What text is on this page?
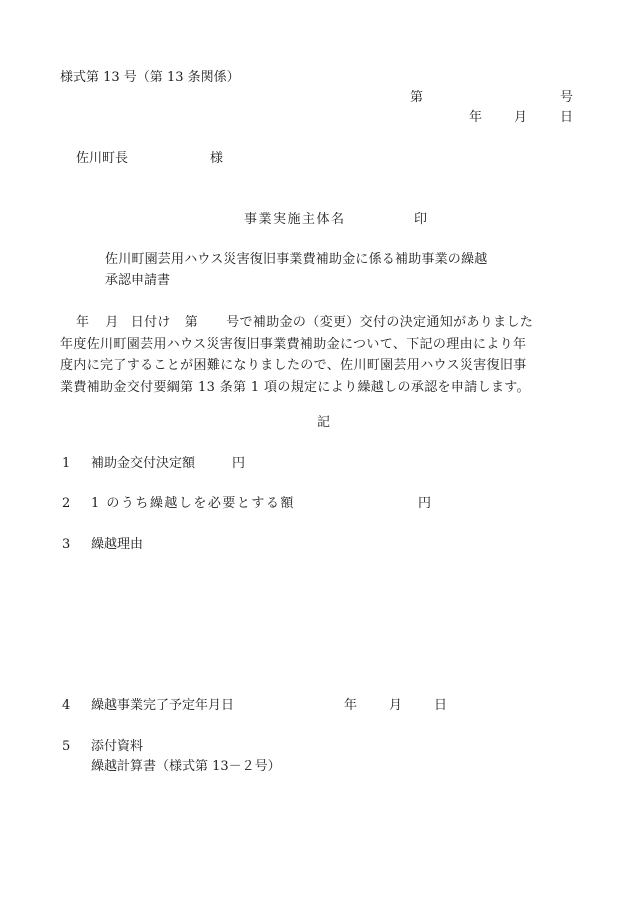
様式第 13 号（第 13 条関係）
第	号
年 月	日
佐川町長	様
事業実施主体名	印
佐川町園芸用ハウス災害復旧事業費補助金に係る補助事業の繰越
承認申請書
年 月 日付け 第 号で補助金の（変更）交付の決定通知がありました
年度佐川町園芸用ハウス災害復旧事業費補助金について、下記の理由により年
度内に完了することが困難になりましたので、佐川町園芸用ハウス災害復旧事
業費補助金交付要綱第 13 条第 1 項の規定により繰越しの承認を申請します。
記
1 補助金交付決定額	円
2 1 のうち繰越しを必要とする額	円
3 繰越理由
4 繰越事業完了予定年月日	年 月 日
5 添付資料
繰越計算書（様式第 13－２号）
